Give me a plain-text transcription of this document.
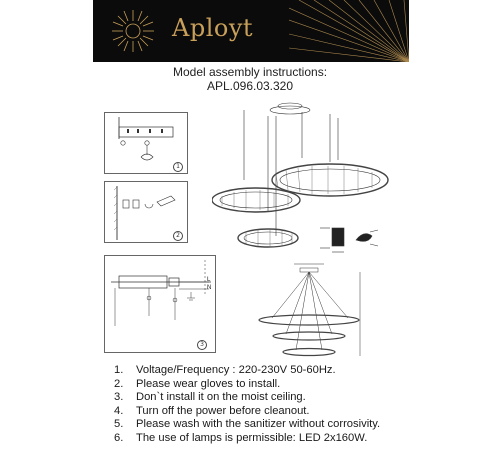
Aployt
Model assembly instructions:
APL.096.03.320
1
2
L
N
3
1. Voltage/Frequency : 220-230V 50-60Hz.
2. Please wear gloves to install.
3. Don`t install it on the moist ceiling.
4. Turn off the power before cleanout.
5. Please wash with the sanitizer without corrosivity.
6. The use of lamps is permissible: LED 2x160W.
